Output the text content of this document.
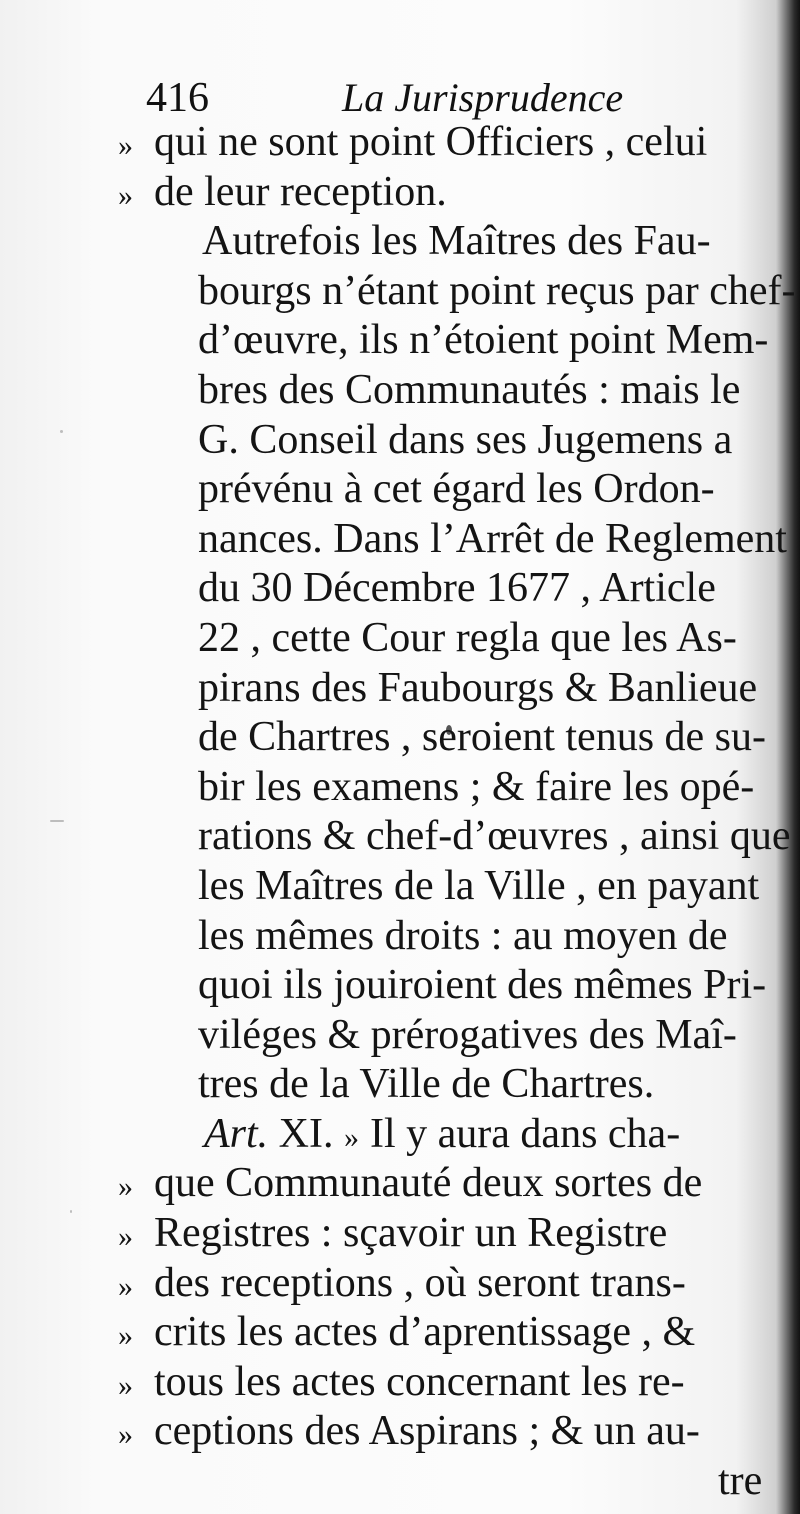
416	La Jurisprudence
» qui ne sont point Officiers , celui
» de leur reception.
Autrefois les Maîtres des Fau-
bourgs n’étant point reçus par chef-
d’œuvre, ils n’étoient point Mem-
bres des Communautés : mais le
G. Conseil dans ses Jugemens a
prévénu à cet égard les Ordon-
nances. Dans l’Arrêt de Reglement
du 30 Décembre 1677 , Article
22 , cette Cour regla que les As-
pirans des Faubourgs & Banlieue
de Chartres , seroient tenus de su-
bir les examens ; & faire les opé-
rations & chef-d’œuvres , ainsi que
les Maîtres de la Ville , en payant
les mêmes droits : au moyen de
quoi ils jouiroient des mêmes Pri-
viléges & prérogatives des Maî-
tres de la Ville de Chartres.
Art. XI. » Il y aura dans cha-
» que Communauté deux sortes de
» Registres : sçavoir un Registre
» des receptions , où seront trans-
» crits les actes d’aprentissage , &
» tous les actes concernant les re-
» ceptions des Aspirans ; & un au-
tre
